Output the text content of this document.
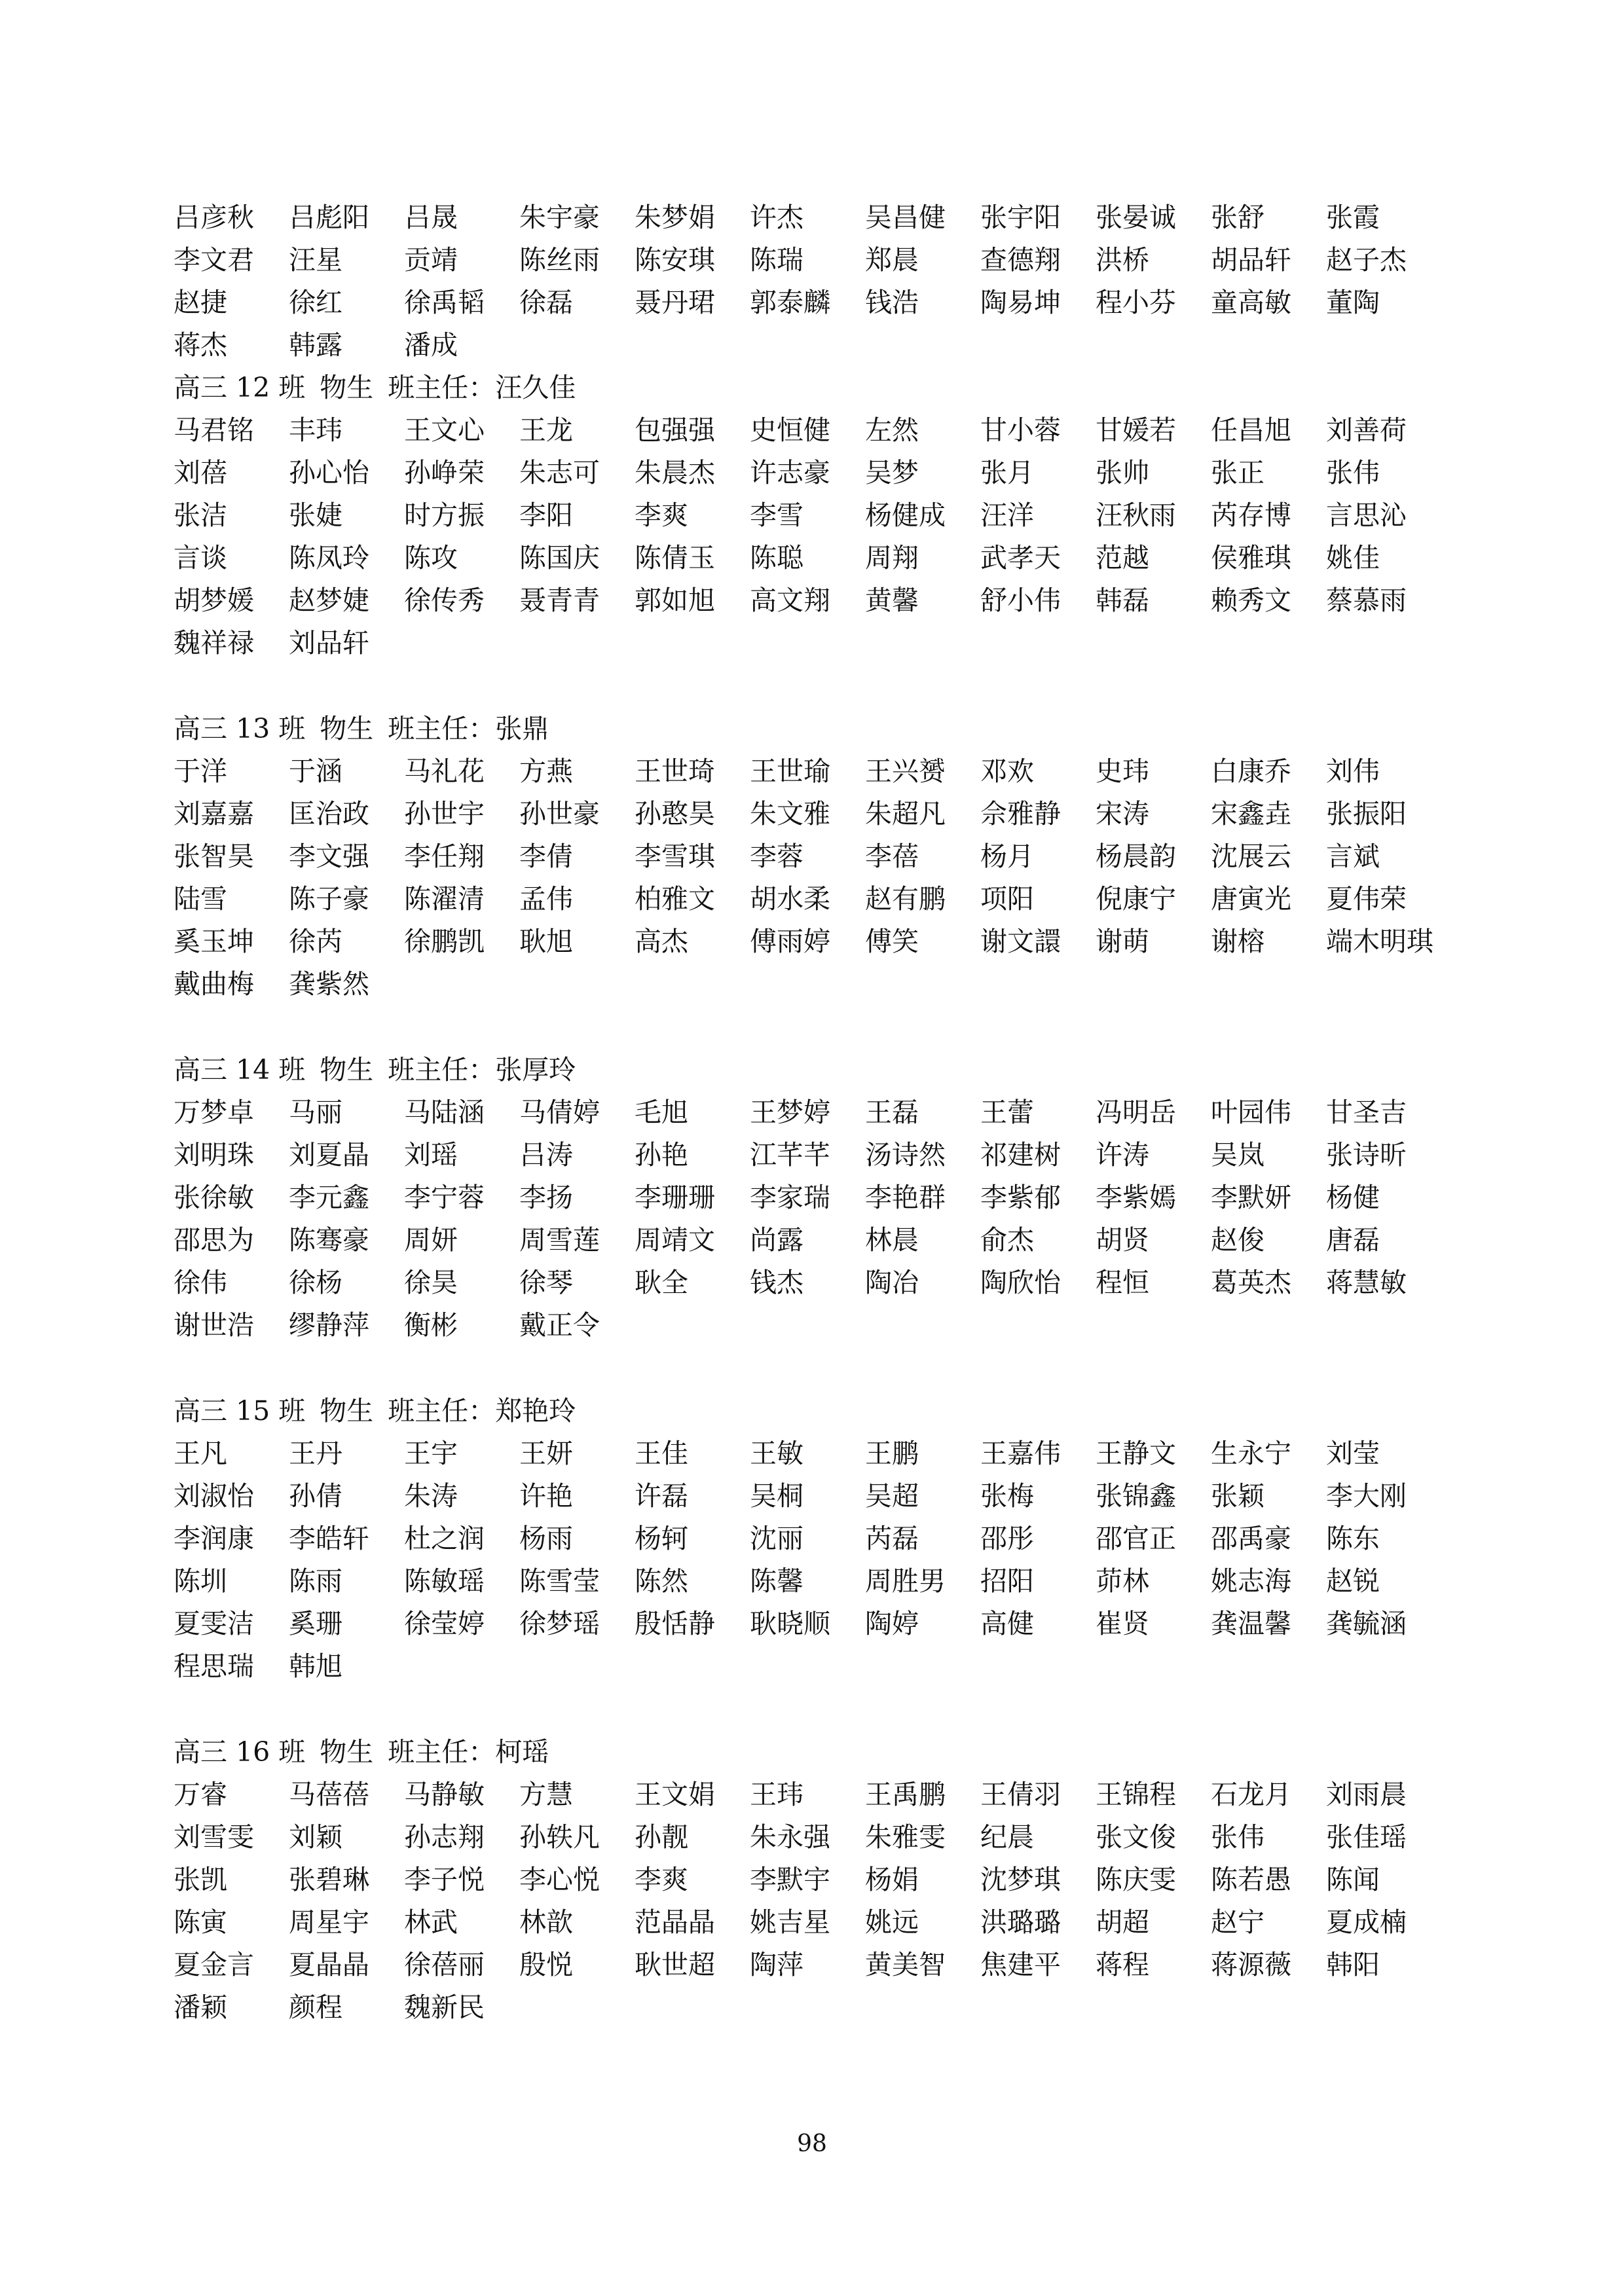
吕彦秋	吕彪阳	吕晟	朱宇豪	朱梦娟	许杰	吴昌健	张宇阳	张晏诚	张舒	张霞
李文君	汪星	贡靖	陈丝雨	陈安琪	陈瑞	郑晨	查德翔	洪桥	胡品轩	赵子杰
赵捷	徐红	徐禹韬	徐磊	聂丹珺	郭泰麟	钱浩	陶易坤	程小芬	童高敏	董陶
蒋杰	韩露	潘成
高三 12 班 物生 班主任：汪久佳
马君铭	丰玮	王文心	王龙	包强强	史恒健	左然	甘小蓉	甘媛若	任昌旭	刘善荷
刘蓓	孙心怡	孙峥荣	朱志可	朱晨杰	许志豪	吴梦	张月	张帅	张正	张伟
张洁	张婕	时方振	李阳	李爽	李雪	杨健成	汪洋	汪秋雨	芮存博	言思沁
言谈	陈凤玲	陈攻	陈国庆	陈倩玉	陈聪	周翔	武孝天	范越	侯雅琪	姚佳
胡梦媛	赵梦婕	徐传秀	聂青青	郭如旭	高文翔	黄馨	舒小伟	韩磊	赖秀文	蔡慕雨
魏祥禄	刘品轩
高三 13 班 物生 班主任：张鼎
于洋	于涵	马礼花	方燕	王世琦	王世瑜	王兴赟	邓欢	史玮	白康乔	刘伟
刘嘉嘉	匡治政	孙世宇	孙世豪	孙憨昊	朱文雅	朱超凡	佘雅静	宋涛	宋鑫垚	张振阳
张智昊	李文强	李任翔	李倩	李雪琪	李蓉	李蓓	杨月	杨晨韵	沈展云	言斌
陆雪	陈子豪	陈濯清	孟伟	柏雅文	胡水柔	赵有鹏	项阳	倪康宁	唐寅光	夏伟荣
奚玉坤	徐芮	徐鹏凯	耿旭	高杰	傅雨婷	傅笑	谢文譞	谢萌	谢榕	端木明琪
戴曲梅	龚紫然
高三 14 班 物生 班主任：张厚玲
万梦卓	马丽	马陆涵	马倩婷	毛旭	王梦婷	王磊	王蕾	冯明岳	叶园伟	甘圣吉
刘明珠	刘夏晶	刘瑶	吕涛	孙艳	江芊芊	汤诗然	祁建树	许涛	吴岚	张诗昕
张徐敏	李元鑫	李宁蓉	李扬	李珊珊	李家瑞	李艳群	李紫郁	李紫嫣	李默妍	杨健
邵思为	陈骞豪	周妍	周雪莲	周靖文	尚露	林晨	俞杰	胡贤	赵俊	唐磊
徐伟	徐杨	徐昊	徐琴	耿全	钱杰	陶冶	陶欣怡	程恒	葛英杰	蒋慧敏
谢世浩	缪静萍	衡彬	戴正令
高三 15 班 物生 班主任：郑艳玲
王凡	王丹	王宇	王妍	王佳	王敏	王鹏	王嘉伟	王静文	生永宁	刘莹
刘淑怡	孙倩	朱涛	许艳	许磊	吴桐	吴超	张梅	张锦鑫	张颖	李大刚
李润康	李皓轩	杜之润	杨雨	杨轲	沈丽	芮磊	邵彤	邵官正	邵禹豪	陈东
陈圳	陈雨	陈敏瑶	陈雪莹	陈然	陈馨	周胜男	招阳	茆林	姚志海	赵锐
夏雯洁	奚珊	徐莹婷	徐梦瑶	殷恬静	耿晓顺	陶婷	高健	崔贤	龚温馨	龚毓涵
程思瑞	韩旭
高三 16 班 物生 班主任：柯瑶
万睿	马蓓蓓	马静敏	方慧	王文娟	王玮	王禹鹏	王倩羽	王锦程	石龙月	刘雨晨
刘雪雯	刘颖	孙志翔	孙轶凡	孙靓	朱永强	朱雅雯	纪晨	张文俊	张伟	张佳瑶
张凯	张碧琳	李子悦	李心悦	李爽	李默宇	杨娟	沈梦琪	陈庆雯	陈若愚	陈闻
陈寅	周星宇	林武	林歆	范晶晶	姚吉星	姚远	洪璐璐	胡超	赵宁	夏成楠
夏金言	夏晶晶	徐蓓丽	殷悦	耿世超	陶萍	黄美智	焦建平	蒋程	蒋源薇	韩阳
潘颖	颜程	魏新民
98
